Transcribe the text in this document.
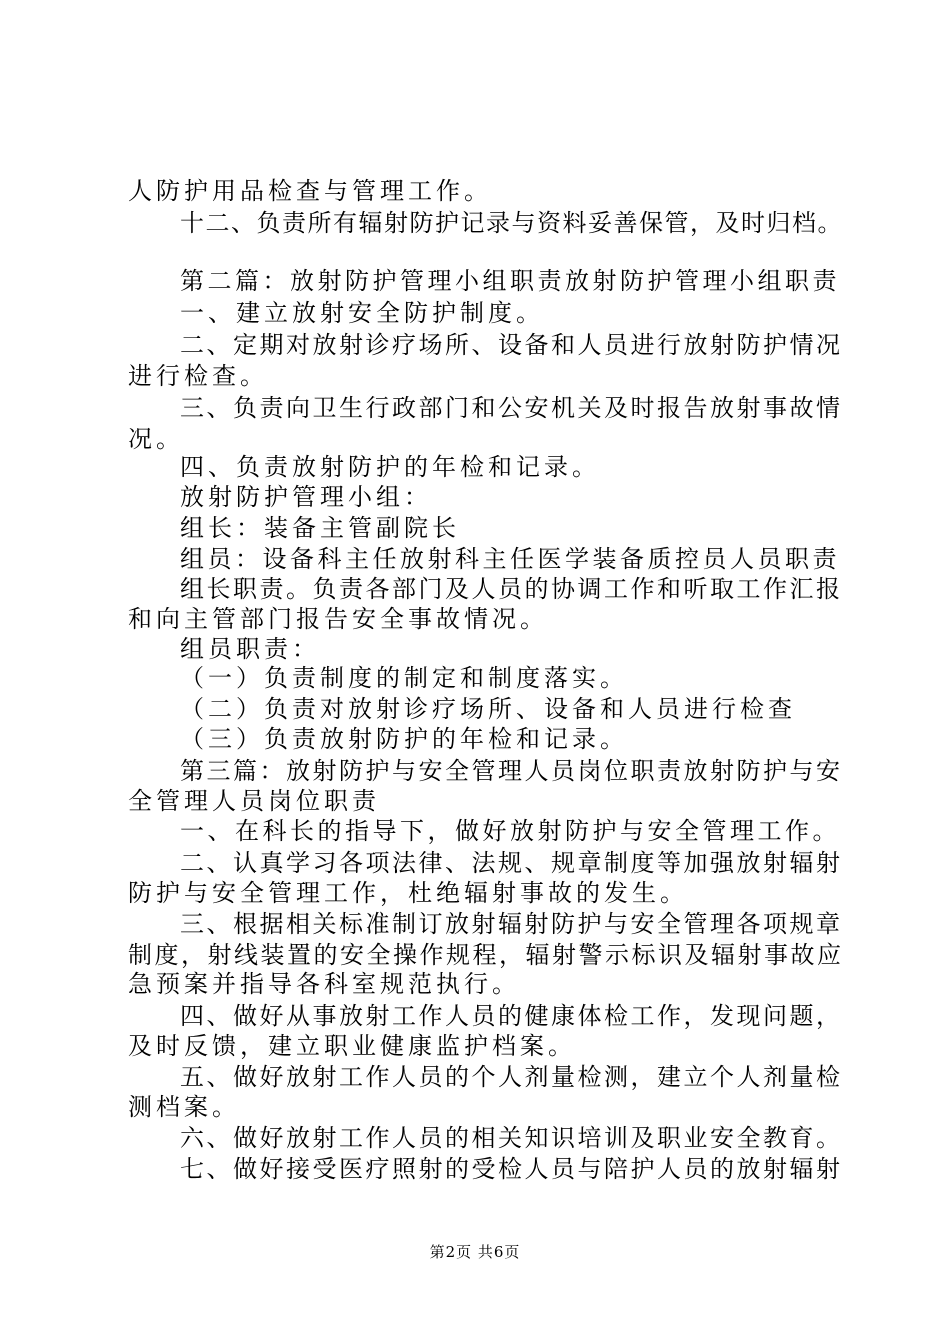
人防护用品检查与管理工作。
十二、负责所有辐射防护记录与资料妥善保管，及时归档。
第二篇：放射防护管理小组职责放射防护管理小组职责
一、建立放射安全防护制度。
二、定期对放射诊疗场所、设备和人员进行放射防护情况
进行检查。
三、负责向卫生行政部门和公安机关及时报告放射事故情
况。
四、负责放射防护的年检和记录。
放射防护管理小组：
组长：装备主管副院长
组员：设备科主任放射科主任医学装备质控员人员职责
组长职责。负责各部门及人员的协调工作和听取工作汇报
和向主管部门报告安全事故情况。
组员职责：
（一）负责制度的制定和制度落实。
（二）负责对放射诊疗场所、设备和人员进行检查
（三）负责放射防护的年检和记录。
第三篇：放射防护与安全管理人员岗位职责放射防护与安
全管理人员岗位职责
一、在科长的指导下，做好放射防护与安全管理工作。
二、认真学习各项法律、法规、规章制度等加强放射辐射
防护与安全管理工作，杜绝辐射事故的发生。
三、根据相关标准制订放射辐射防护与安全管理各项规章
制度，射线装置的安全操作规程，辐射警示标识及辐射事故应
急预案并指导各科室规范执行。
四、做好从事放射工作人员的健康体检工作，发现问题，
及时反馈，建立职业健康监护档案。
五、做好放射工作人员的个人剂量检测，建立个人剂量检
测档案。
六、做好放射工作人员的相关知识培训及职业安全教育。
七、做好接受医疗照射的受检人员与陪护人员的放射辐射
第2页 共6页
